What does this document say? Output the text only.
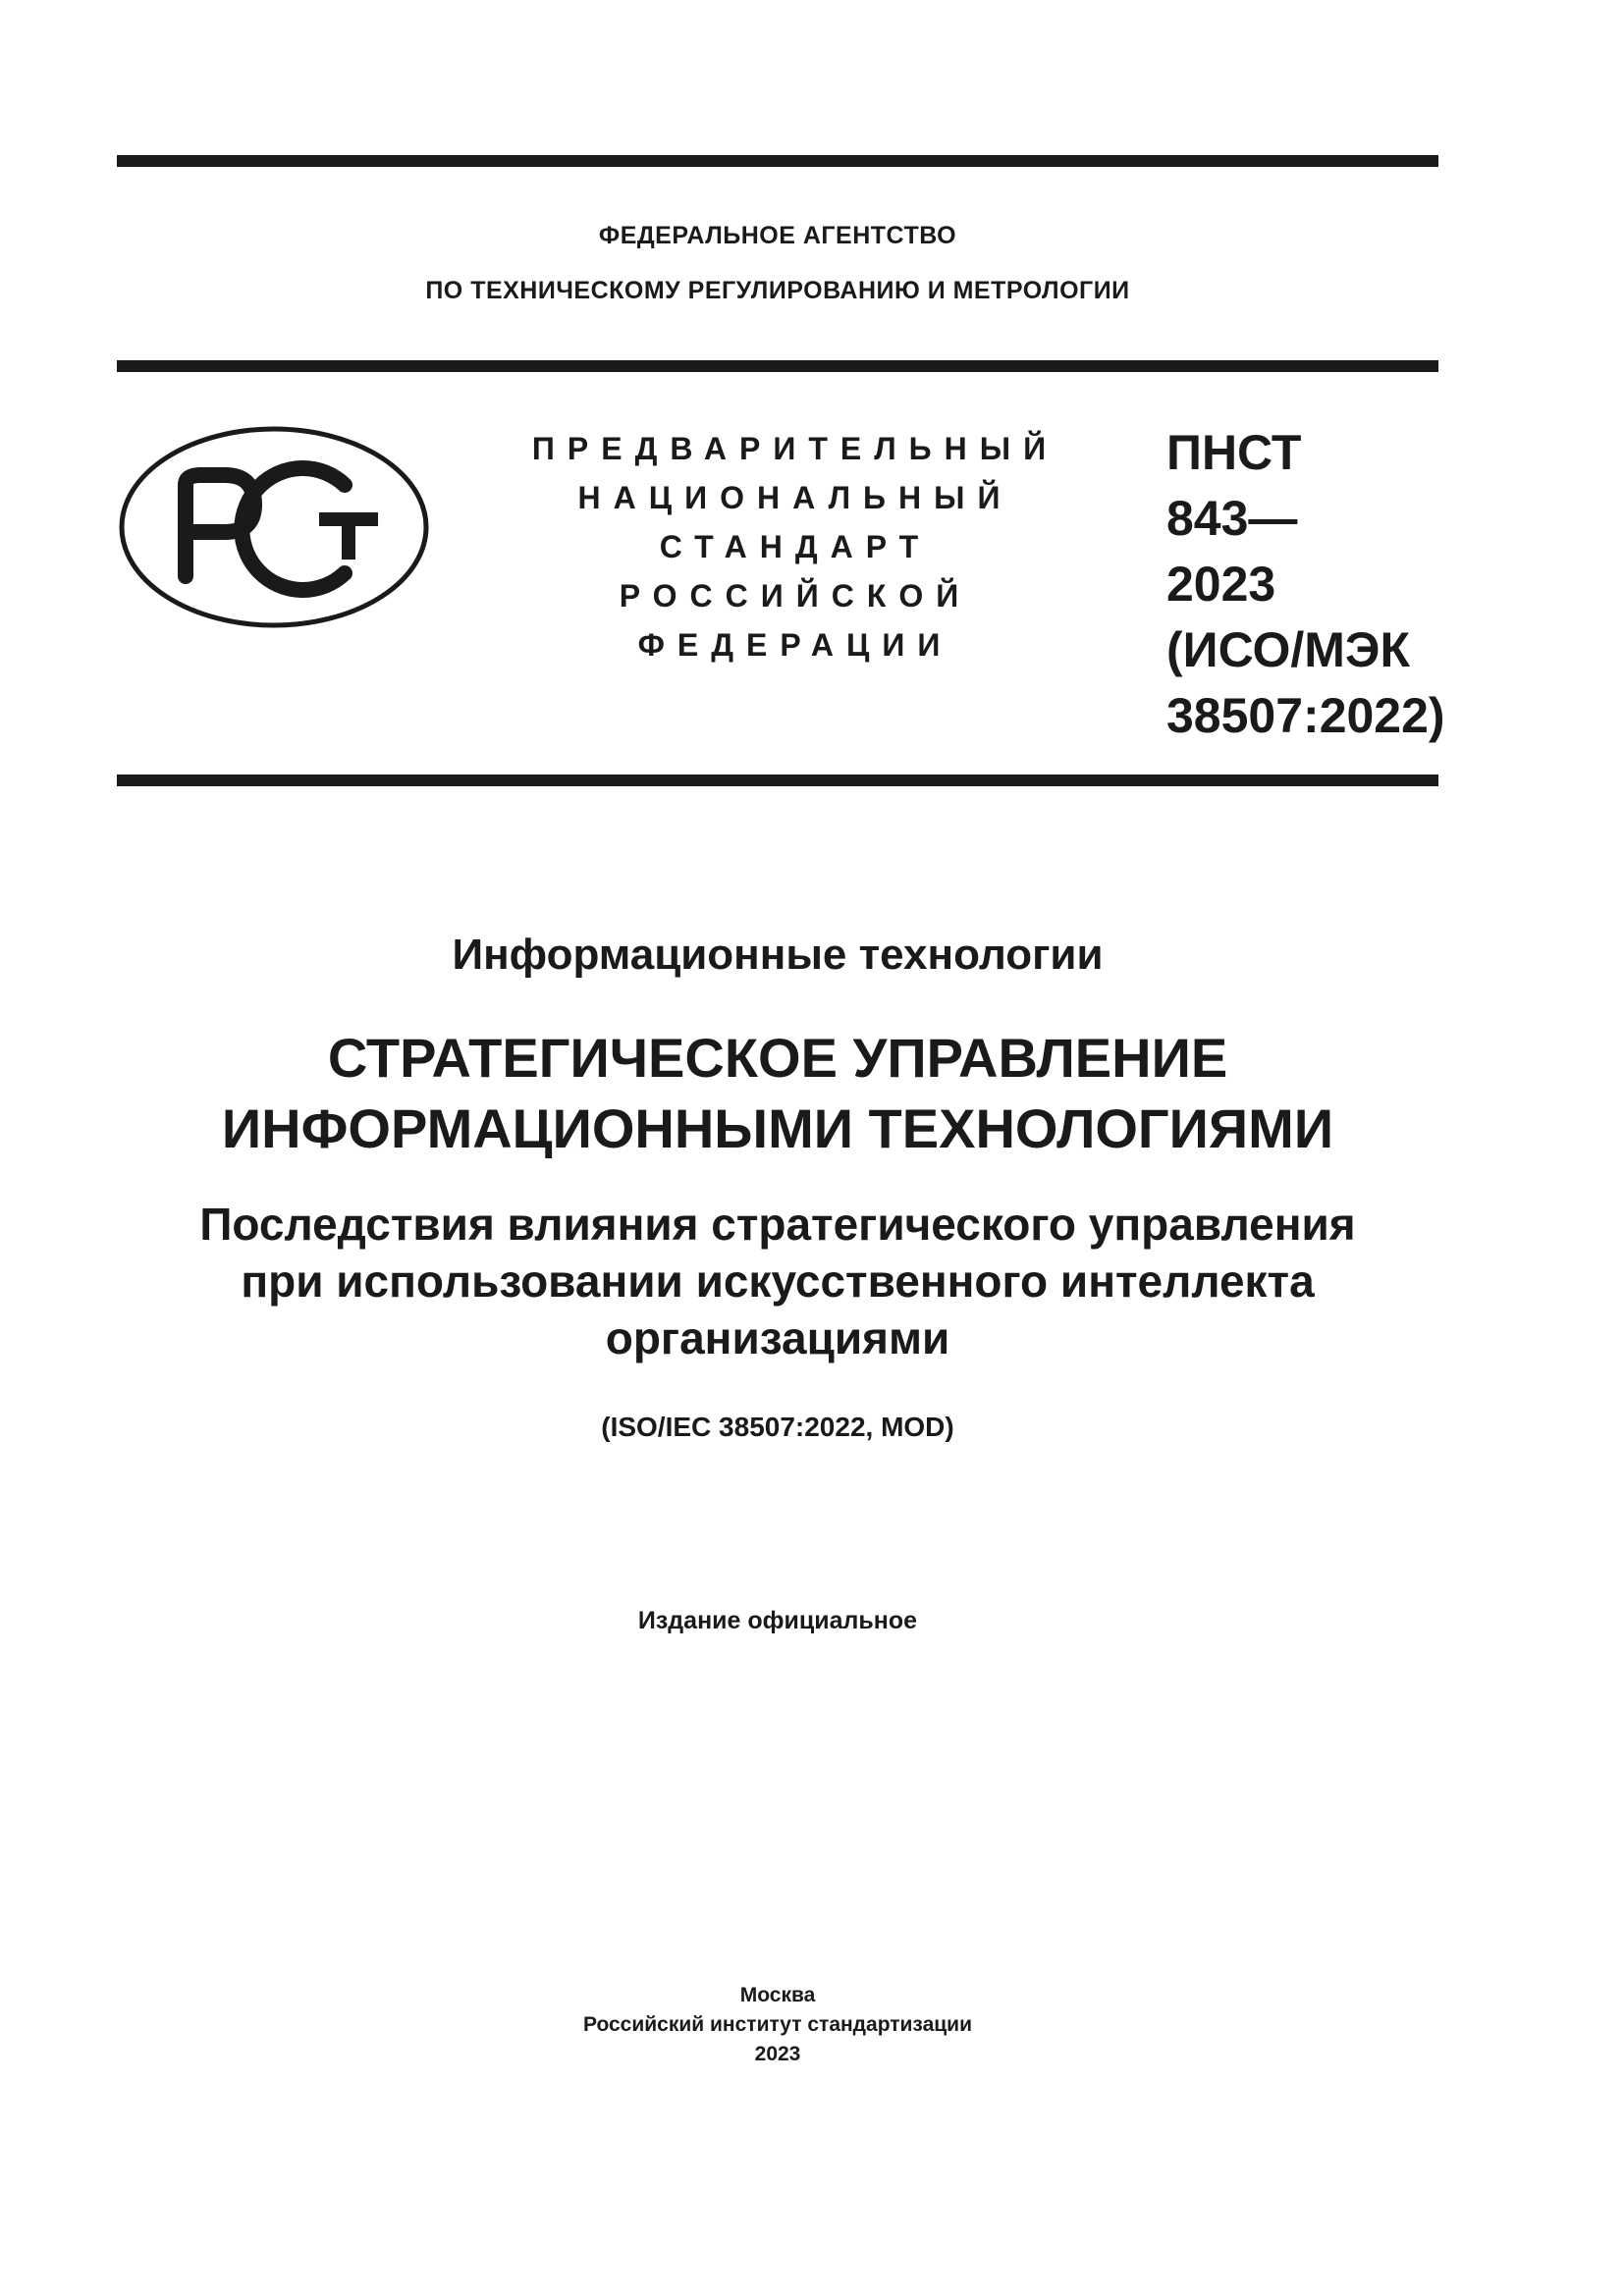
ФЕДЕРАЛЬНОЕ АГЕНТСТВО
ПО ТЕХНИЧЕСКОМУ РЕГУЛИРОВАНИЮ И МЕТРОЛОГИИ
ПРЕДВАРИТЕЛЬНЫЙ
НАЦИОНАЛЬНЫЙ
СТАНДАРТ
РОССИЙСКОЙ
ФЕДЕРАЦИИ
ПНСТ
843—
2023
(ИСО/МЭК
38507:2022)
Информационные технологии
СТРАТЕГИЧЕСКОЕ УПРАВЛЕНИЕ
ИНФОРМАЦИОННЫМИ ТЕХНОЛОГИЯМИ
Последствия влияния стратегического управления
при использовании искусственного интеллекта
организациями
(ISO/IEC 38507:2022, MOD)
Издание официальное
Москва
Российский институт стандартизации
2023
